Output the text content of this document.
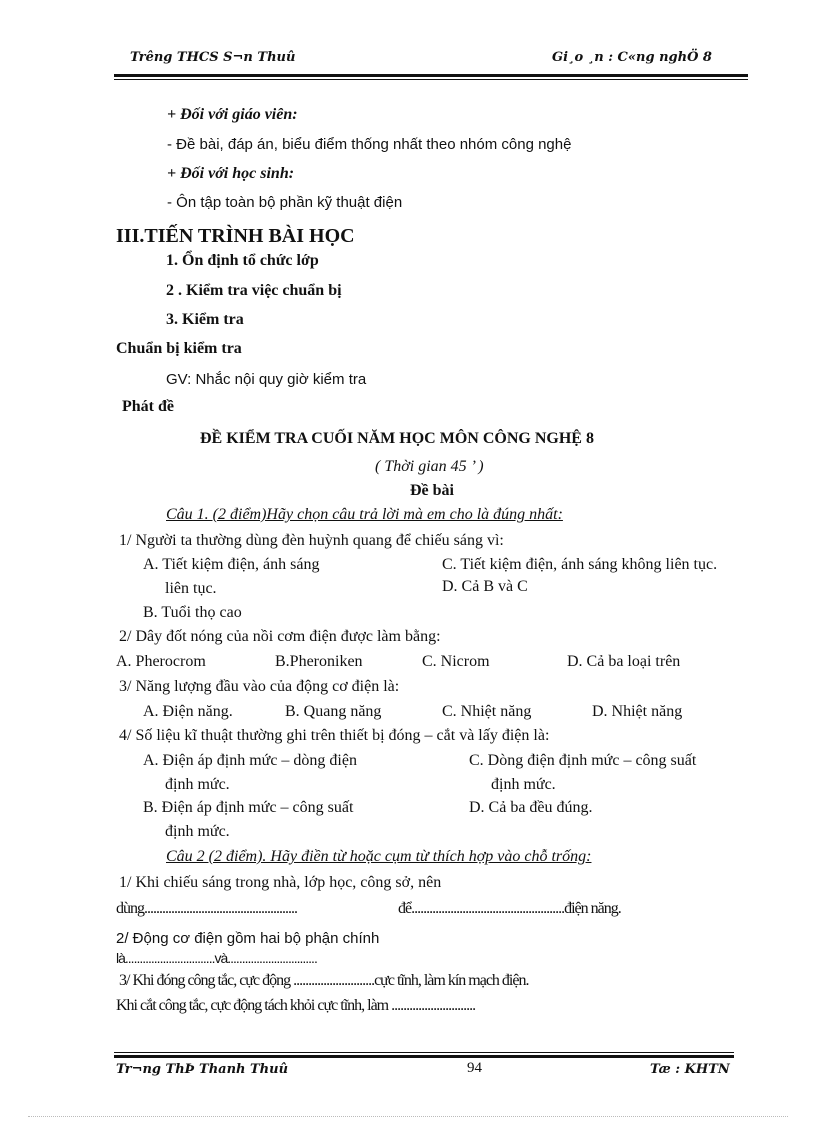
Trêng THCS S¬n Thuû	Gi¸o ¸n : C«ng nghÖ 8
+ Đối với giáo viên:
- Đề bài, đáp án, biểu điểm thống nhất theo nhóm công nghệ
+ Đối với học sinh:
- Ôn tập toàn bộ phần kỹ thuật điện
III.TIẾN TRÌNH BÀI HỌC
1. Ổn định tổ chức lớp
2 . Kiểm tra việc chuẩn bị
3. Kiểm tra
Chuẩn bị kiểm tra
GV: Nhắc nội quy giờ kiểm tra
Phát đề
ĐỀ KIỂM TRA CUỐI NĂM HỌC MÔN CÔNG NGHỆ 8
( Thời gian 45 ’ )
Đề bài
Câu 1. (2 điểm)Hãy chọn câu trả lời mà em cho là đúng nhất:
1/ Người ta thường dùng đèn huỳnh quang để chiếu sáng vì:
A. Tiết kiệm điện, ánh sáng
liên tục.
C. Tiết kiệm điện, ánh sáng không liên tục.
D. Cả B và C
B. Tuổi thọ cao
2/ Dây đốt nóng của nồi cơm điện được làm bằng:
A. Pherocrom	B.Pheroniken	C. Nicrom	D. Cả ba loại trên
3/ Năng lượng đầu vào của động cơ điện là:
A. Điện năng.	B. Quang năng	C. Nhiệt năng	D. Nhiệt năng
4/ Số liệu kĩ thuật thường ghi trên thiết bị đóng – cắt và lấy điện là:
A. Điện áp định mức – dòng điện
định mức.
C. Dòng điện định mức – công suất
định mức.
B. Điện áp định mức – công suất
định mức.
D. Cả ba đều đúng.
Câu 2 (2 điểm). Hãy điền từ hoặc cụm từ thích hợp vào chỗ trống:
1/ Khi chiếu sáng trong nhà, lớp học, công sở, nên
dùng...................................................	để...................................................điện năng.
2/ Động cơ điện gồm hai bộ phận chính
là...............................và...............................
3/ Khi đóng công tắc, cực động ...........................cực tĩnh, làm kín mạch điện.
Khi cắt công tắc, cực động tách khỏi cực tĩnh, làm ............................
Tr¬ng ThÞ Thanh Thuû	94	Tæ : KHTN
